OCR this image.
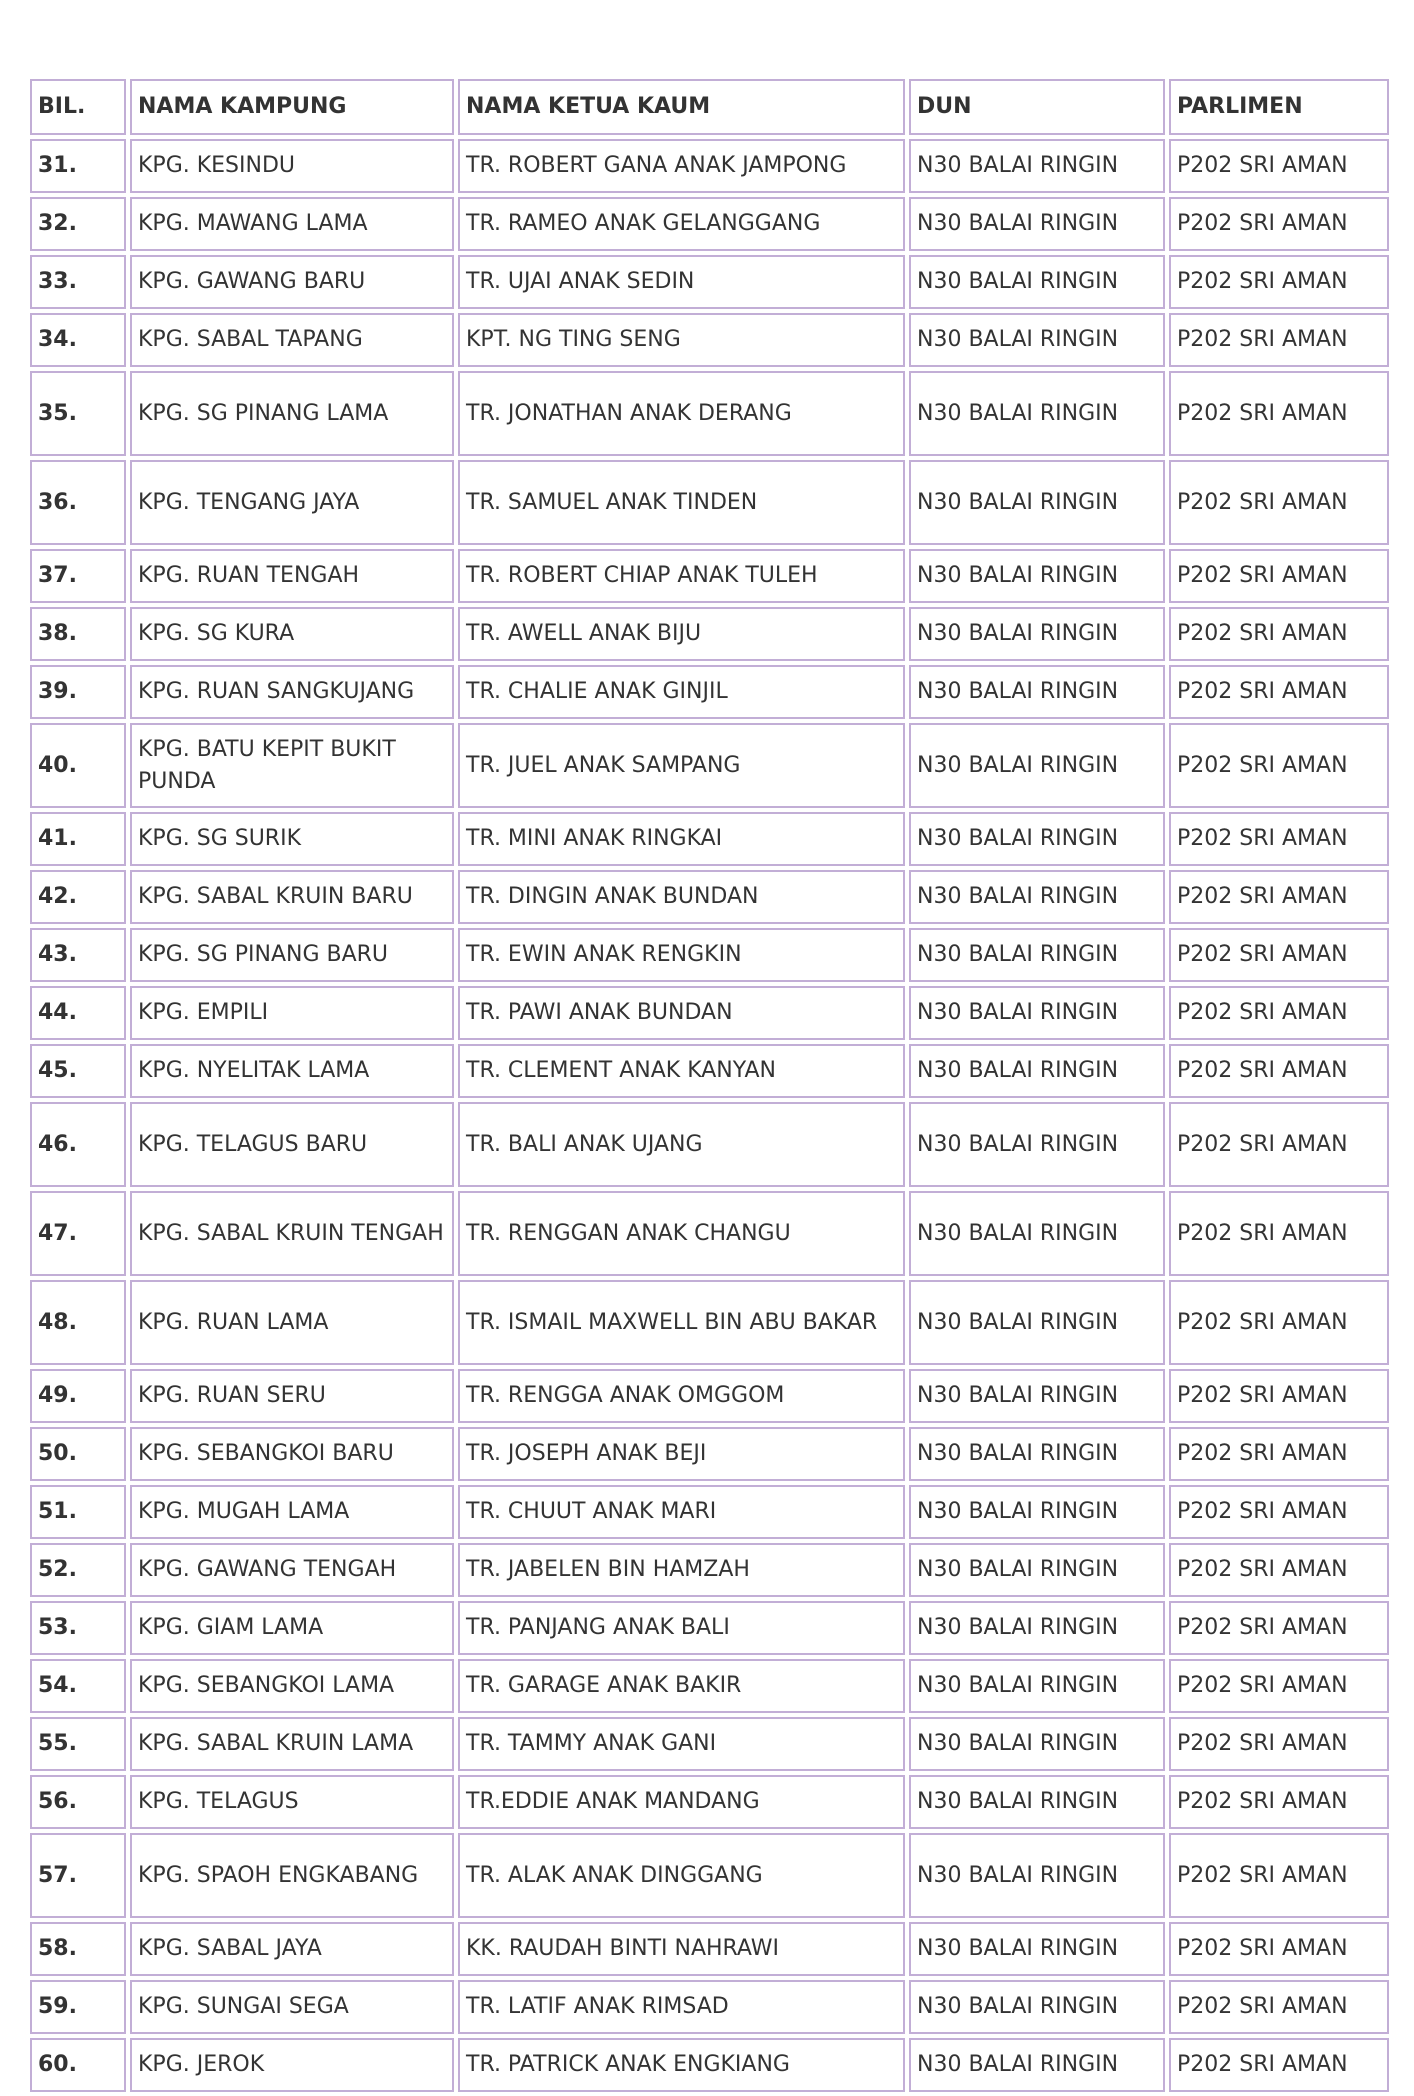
BIL.	NAMA KAMPUNG	NAMA KETUA KAUM	DUN	PARLIMEN
31.	KPG. KESINDU	TR. ROBERT GANA ANAK JAMPONG	N30 BALAI RINGIN	P202 SRI AMAN
32.	KPG. MAWANG LAMA	TR. RAMEO ANAK GELANGGANG	N30 BALAI RINGIN	P202 SRI AMAN
33.	KPG. GAWANG BARU	TR. UJAI ANAK SEDIN	N30 BALAI RINGIN	P202 SRI AMAN
34.	KPG. SABAL TAPANG	KPT. NG TING SENG	N30 BALAI RINGIN	P202 SRI AMAN
35.	KPG. SG PINANG LAMA	TR. JONATHAN ANAK DERANG	N30 BALAI RINGIN	P202 SRI AMAN
36.	KPG. TENGANG JAYA	TR. SAMUEL ANAK TINDEN	N30 BALAI RINGIN	P202 SRI AMAN
37.	KPG. RUAN TENGAH	TR. ROBERT CHIAP ANAK TULEH	N30 BALAI RINGIN	P202 SRI AMAN
38.	KPG. SG KURA	TR. AWELL ANAK BIJU	N30 BALAI RINGIN	P202 SRI AMAN
39.	KPG. RUAN SANGKUJANG	TR. CHALIE ANAK GINJIL	N30 BALAI RINGIN	P202 SRI AMAN
40.	KPG. BATU KEPIT BUKIT PUNDA	TR. JUEL ANAK SAMPANG	N30 BALAI RINGIN	P202 SRI AMAN
41.	KPG. SG SURIK	TR. MINI ANAK RINGKAI	N30 BALAI RINGIN	P202 SRI AMAN
42.	KPG. SABAL KRUIN BARU	TR. DINGIN ANAK BUNDAN	N30 BALAI RINGIN	P202 SRI AMAN
43.	KPG. SG PINANG BARU	TR. EWIN ANAK RENGKIN	N30 BALAI RINGIN	P202 SRI AMAN
44.	KPG. EMPILI	TR. PAWI ANAK BUNDAN	N30 BALAI RINGIN	P202 SRI AMAN
45.	KPG. NYELITAK LAMA	TR. CLEMENT ANAK KANYAN	N30 BALAI RINGIN	P202 SRI AMAN
46.	KPG. TELAGUS BARU	TR. BALI ANAK UJANG	N30 BALAI RINGIN	P202 SRI AMAN
47.	KPG. SABAL KRUIN TENGAH	TR. RENGGAN ANAK CHANGU	N30 BALAI RINGIN	P202 SRI AMAN
48.	KPG. RUAN LAMA	TR. ISMAIL MAXWELL BIN ABU BAKAR	N30 BALAI RINGIN	P202 SRI AMAN
49.	KPG. RUAN SERU	TR. RENGGA ANAK OMGGOM	N30 BALAI RINGIN	P202 SRI AMAN
50.	KPG. SEBANGKOI BARU	TR. JOSEPH ANAK BEJI	N30 BALAI RINGIN	P202 SRI AMAN
51.	KPG. MUGAH LAMA	TR. CHUUT ANAK MARI	N30 BALAI RINGIN	P202 SRI AMAN
52.	KPG. GAWANG TENGAH	TR. JABELEN BIN HAMZAH	N30 BALAI RINGIN	P202 SRI AMAN
53.	KPG. GIAM LAMA	TR. PANJANG ANAK BALI	N30 BALAI RINGIN	P202 SRI AMAN
54.	KPG. SEBANGKOI LAMA	TR. GARAGE ANAK BAKIR	N30 BALAI RINGIN	P202 SRI AMAN
55.	KPG. SABAL KRUIN LAMA	TR. TAMMY ANAK GANI	N30 BALAI RINGIN	P202 SRI AMAN
56.	KPG. TELAGUS	TR.EDDIE ANAK MANDANG	N30 BALAI RINGIN	P202 SRI AMAN
57.	KPG. SPAOH ENGKABANG	TR. ALAK ANAK DINGGANG	N30 BALAI RINGIN	P202 SRI AMAN
58.	KPG. SABAL JAYA	KK. RAUDAH BINTI NAHRAWI	N30 BALAI RINGIN	P202 SRI AMAN
59.	KPG. SUNGAI SEGA	TR. LATIF ANAK RIMSAD	N30 BALAI RINGIN	P202 SRI AMAN
60.	KPG. JEROK	TR. PATRICK ANAK ENGKIANG	N30 BALAI RINGIN	P202 SRI AMAN
